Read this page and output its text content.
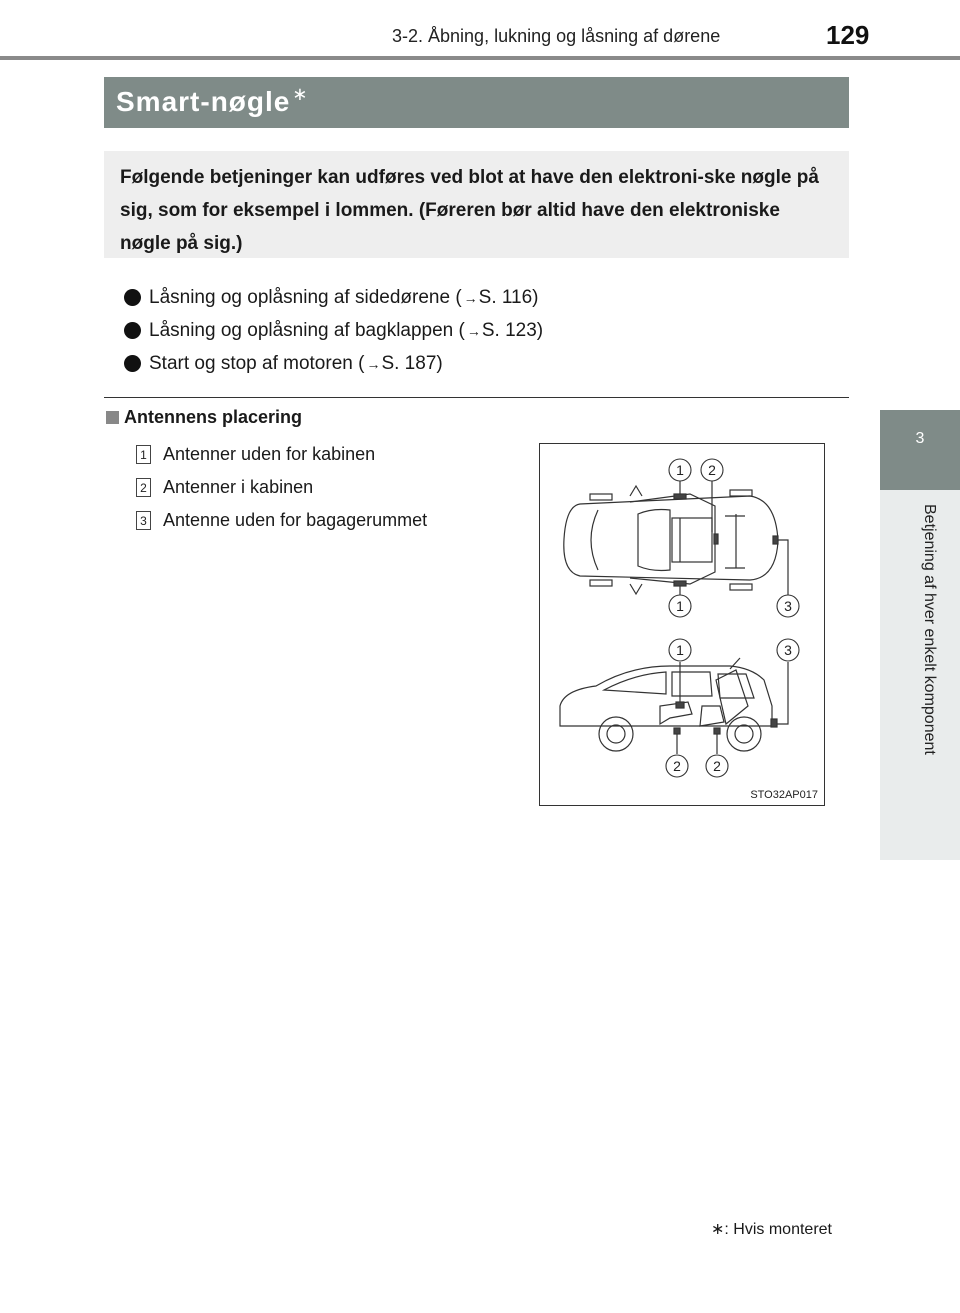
3-2. Åbning, lukning og låsning af dørene	129
3
Betjening af hver enkelt komponent
Smart-nøgle ∗

Følgende betjeninger kan udføres ved blot at have den elektroni-ske nøgle på sig, som for eksempel i lommen. (Føreren bør altid have den elektroniske nøgle på sig.)

Låsning og oplåsning af sidedørene ( → S. 116)
Låsning og oplåsning af bagklappen ( → S. 123)
Start og stop af motoren ( → S. 187)
Antennens placering
1 Antenner uden for kabinen
2 Antenner i kabinen
3 Antenne uden for bagagerummet
1 2
1	3
1	3
2 2
STO32AP017
∗: Hvis monteret
